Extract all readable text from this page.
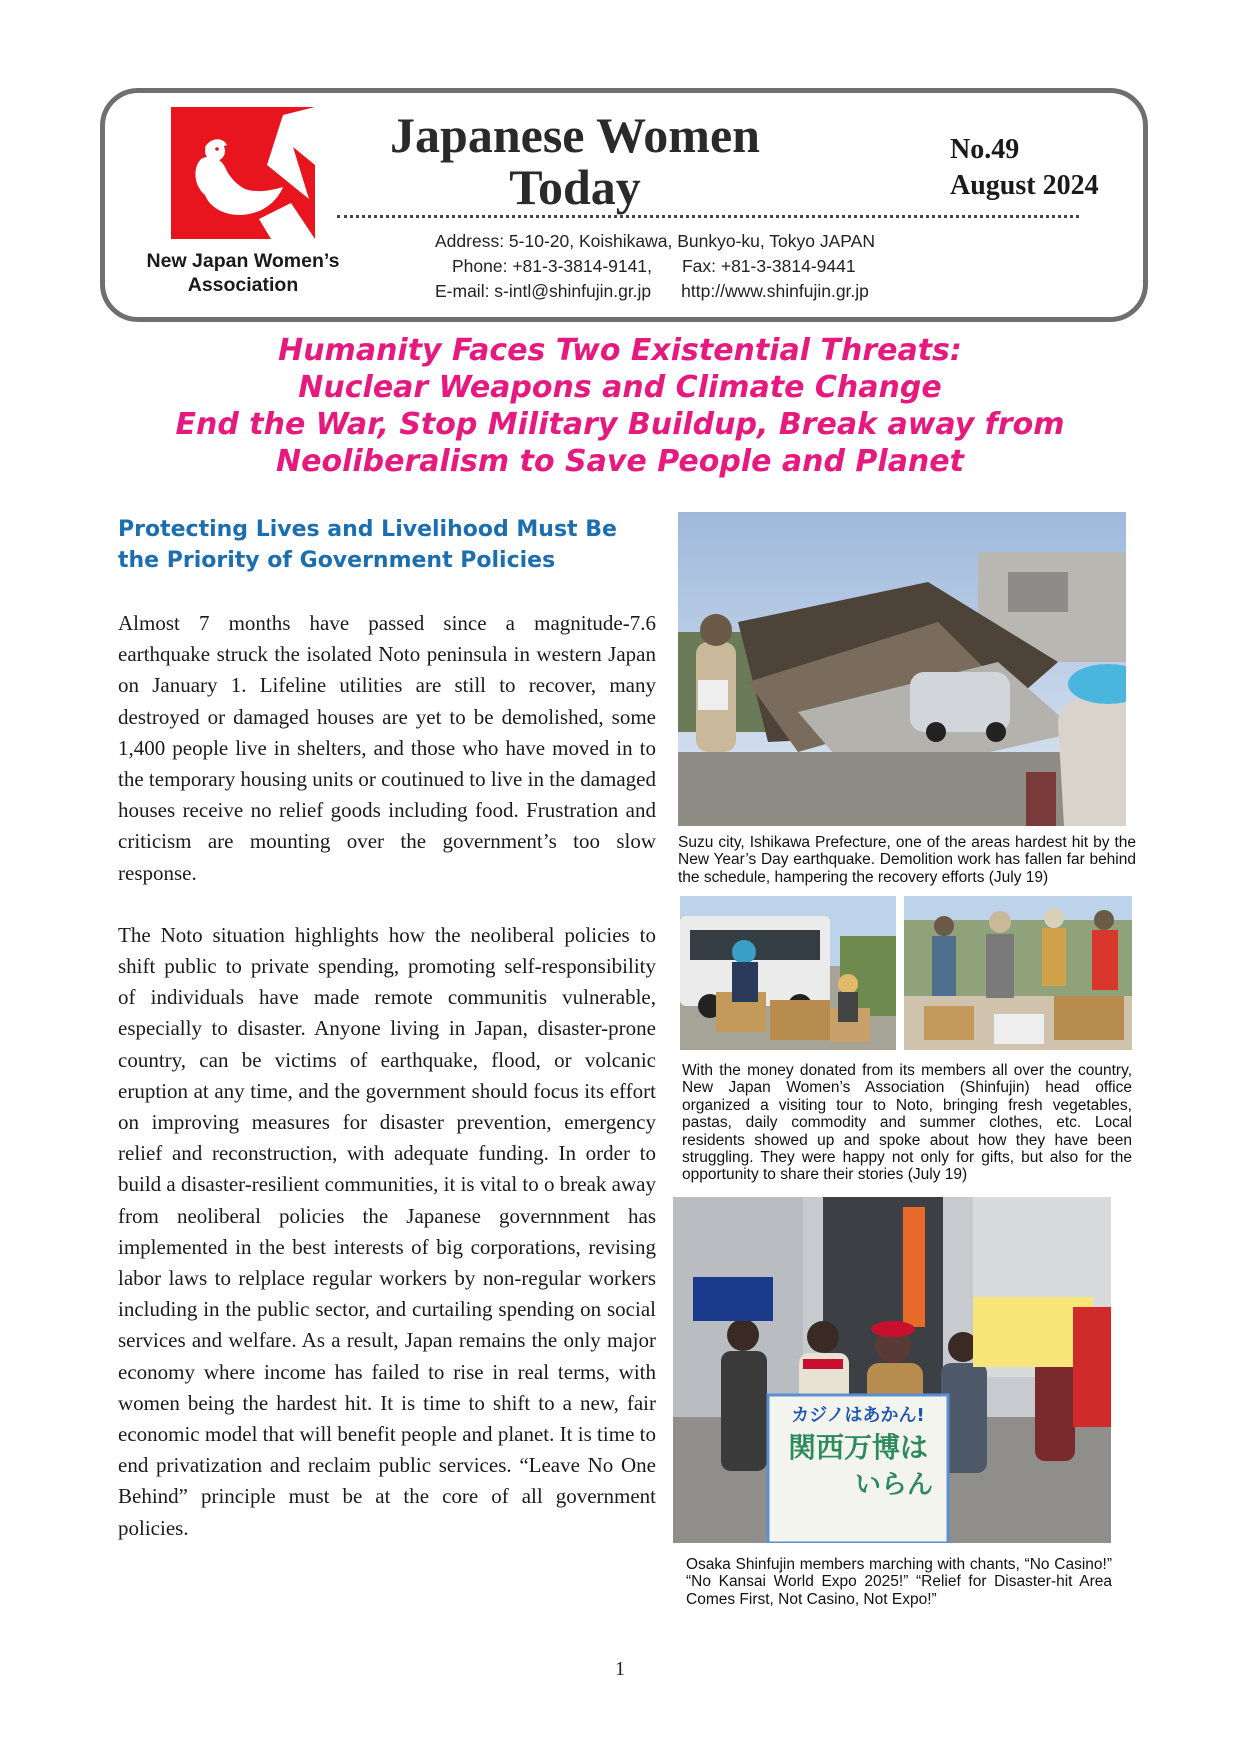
New Japan Women’s
Association
Japanese Women
Today
No.49
August 2024
Address: 5-10-20, Koishikawa, Bunkyo-ku, Tokyo JAPAN
Phone: +81-3-3814-9141, Fax: +81-3-3814-9441
E-mail: s-intl@shinfujin.gr.jp http://www.shinfujin.gr.jp
Humanity Faces Two Existential Threats:
Nuclear Weapons and Climate Change
End the War, Stop Military Buildup, Break away from
Neoliberalism to Save People and Planet
Protecting Lives and Livelihood Must Be the Priority of Government Policies

Almost 7 months have passed since a magnitude-7.6 earthquake struck the isolated Noto peninsula in western Japan on January 1. Lifeline utilities are still to recover, many destroyed or damaged houses are yet to be demolished, some 1,400 people live in shelters, and those who have moved in to the temporary housing units or coutinued to live in the damaged houses receive no relief goods including food. Frustration and criticism are mounting over the government’s too slow response.

The Noto situation highlights how the neoliberal policies to shift public to private spending, promoting self-responsibility of individuals have made remote communitis vulnerable, especially to disaster. Anyone living in Japan, disaster-prone country, can be victims of earthquake, flood, or volcanic eruption at any time, and the government should focus its effort on improving measures for disaster prevention, emergency relief and reconstruction, with adequate funding. In order to build a disaster-resilient communities, it is vital to o break away from neoliberal policies the Japanese governnment has implemented in the best interests of big corporations, revising labor laws to relplace regular workers by non-regular workers including in the public sector, and curtailing spending on social services and welfare. As a result, Japan remains the only major economy where income has failed to rise in real terms, with women being the hardest hit. It is time to shift to a new, fair economic model that will benefit people and planet. It is time to end privatization and reclaim public services. “Leave No One Behind” principle must be at the core of all government policies.

Suzu city, Ishikawa Prefecture, one of the areas hardest hit by the New Year’s Day earthquake. Demolition work has fallen far behind the schedule, hampering the recovery efforts (July 19)
With the money donated from its members all over the country, New Japan Women’s Association (Shinfujin) head office organized a visiting tour to Noto, bringing fresh vegetables, pastas, daily commodity and summer clothes, etc. Local residents showed up and spoke about how they have been struggling. They were happy not only for gifts, but also for the opportunity to share their stories (July 19)
カジノはあかん!
関西万博は
いらん
Osaka Shinfujin members marching with chants, “No Casino!” “No Kansai World Expo 2025!” “Relief for Disaster-hit Area Comes First, Not Casino, Not Expo!”
1
